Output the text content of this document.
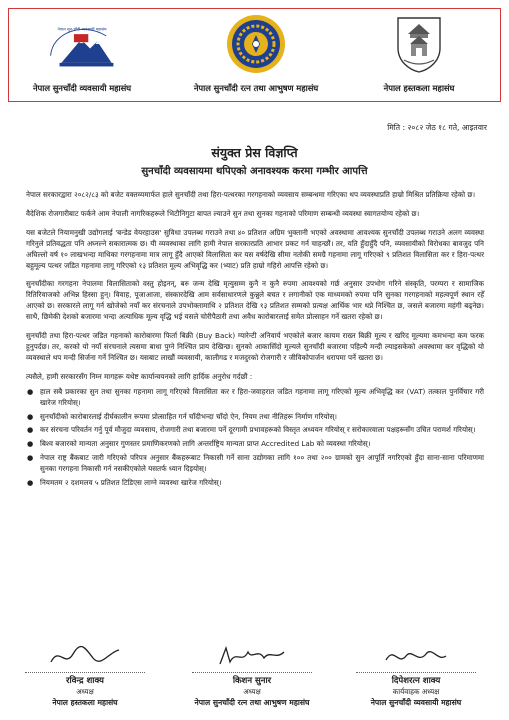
नेपाल सुन-चाँदी व्यवसायी महासंघ
नेपाल सुनचाँदी व्यवसायी महासंघ	नेपाल सुनचाँदी रत्न तथा आभुषण महासंघ	नेपाल हस्तकला महासंघ
मिति : २०८२ जेठ १८ गते, आइतवार
संयुक्त प्रेस विज्ञप्ति
सुनचाँदी व्यवसायमा थपिएको अनावश्यक करमा गम्भीर आपत्ति

नेपाल सरकारद्वारा २०८२/८३ को बजेट वक्तव्यमार्फत हाले सुनचाँदी तथा हिरा-पत्थरका गरगहनाको व्यवसाय सम्बन्धमा गरिएका थप व्यवस्थाप्रति हाम्रो मिश्रित प्रतिक्रिया रहेको छ।

वैदेशिक रोजगारीबाट फर्कने आम नेपाली नागरिकहरूले भिटौनिगुटा बापत ल्याउने सुन तथा सुनका गहनाको परिमाण सम्बन्धी व्यवस्था स्वागतयोग्य रहेको छ।

यस बजेटले नियामनुखी उद्योगलाई 'बन्डेड वेयरहाउस' सुविधा उपलब्ध गराउने तथा ४० प्रतिशत अग्रिम भुक्तानी भएको अवस्थामा आवश्यक सुनचाँदी उपलब्ध गराउने अलग व्यवस्था गरिनुले प्रतिवद्धता पनि अघ्नल्ने सकारात्मक छ। यी व्यवस्थाका लागि हामी नेपाल सरकारप्रति आभार प्रकट गर्न चाहन्छौं। तर, यति हुँदाहुँदै पनि, व्यवसायीको विरोधका बावजुद पनि अघिल्लो वर्ष १० लाखभन्दा माथिका गरगहनामा मात्र लागू हुँदै आएको विलासिता कर यस वर्षदेखि सीमा नतोकी समग्रै गहनामा लागू गरिएको ९ प्रतिशत विलासिता कर र हिरा-पत्थर बहुमूल्य पत्थर जडित गहनामा लागू गरिएको १३ प्रतिशत मूल्य अभिवृद्धि कर (भ्याट) प्रति हाम्रो गहिरो आपत्ति रहेको छ।

सुनचाँदीका गरगहना नेपालमा विलासिताको वस्तु होइनन्, बरु जन्म देखि मृत्युसम्म कुनै न कुनै रुपमा आवश्यको गर्छ अनुसार उपभोग गरिने संस्कृति, परम्परा र सामाजिक रितिरिवाजको अभिन्न हिस्सा हुन्। विवाह, पूजाआजा, संस्कारदेखि आम सर्वसाधारणले कुन्नुले बचत र लगानीको एक माध्यमको रुपमा पनि सुनका गरगहनाको महत्वपूर्ण स्थान रहेँ आएको छ। सरकारले लागू गर्न खोजेको नयाँ कर संरचनाले उपभोक्तामाथि २ प्रतिशत देखि १३ प्रतिशत सम्मको प्रत्यक्ष आर्थिक भार थप्ने निश्चित छ, जसले बजारमा महंगी बढ्नेछ। साथै, छिमेकी देशको बजारमा भन्दा अत्याधिक मूल्य वृद्धि भई यसले चोरीपैठारी तथा अवैध कारोबारलाई समेत प्रोत्साहन गर्ने खतरा रहेको छ।

सुनचाँदी तथा हिरा-पत्थर जडित गहनाको कारोबारमा फिर्ता बिक्री (Buy Back) ग्यारेन्टी अनिवार्य भएकोले बजार कायम राख्न बिक्री मूल्य र खरिद मूल्यमा कमभन्दा कम फरक हुनुपर्दछ। तर, करको यो नयाँ संरचनाले त्यसमा बाधा पुग्ने निश्चित प्राय देखिन्छ। सुनको आकासिँदो मूल्यले सुनचाँदी बजारमा पहिल्यै मन्दी ल्याइसकेको अवस्थामा कर वृद्धिको यो व्यवस्थाले थप मन्दी सिर्जना गर्ने निश्चित छ। यसबाट लाखौं व्यवसायी, कालीगढ र मजदुरको रोजगारी र जीविकोपार्जन धरापमा पर्ने खतरा छ।

त्यसैले, हामी सरकारसँग निम्न मागहरू यथेष्ट कार्यान्वयनको लागि हार्दिक अनुरोध गर्दछौं :

● हाल सबै प्रकारका सुन तथा सुनका गहनामा लागू गरिएको विलासिता कर र हिरा-जवाहरात जडित गहनामा लागू गरिएको मूल्य अभिवृद्धि कर (VAT) तत्काल पुनर्विचार गरी खारेज गरियोस्।
● सुनचाँदीको कारोबारलाई दीर्घकालीन रूपमा प्रोत्साहित गर्न चाँदीभन्दा चाँदो ऐन, नियम तथा नीतिहरू निर्माण गरियोस्।
● कर संरचना परिवर्तन गर्नु पूर्व मौजुदा व्यवसाय, रोजगारी तथा बजारमा पर्ने दूरगामी प्रभावहरूको विस्तृत अध्ययन गरियोस् र सरोकारवाला पक्षहरूसँग उचित परामर्श गरियोस्।
● बिश्व बजारको मान्यता अनुसार गुणस्तर प्रमाणिकरणको लागि अन्तर्राष्ट्रिय मान्यता प्राप्त Accredited Lab को व्यवस्था गरियोस्।
● नेपाल राष्ट्र बैंकबाट जारी गरिएको परिपत्र अनुसार बैंकहरूबाट निकासी गर्ने साना उद्योगका लागि १०० तथा २०० ग्रामको सुन आपूर्ति नगरिएको हुँदा साना-साना परिमाणमा सुनका गरगहना निकासी गर्न नसकीएकोले यसतर्फ ध्यान दिइयोस्।
● नियमतम २ दशमलव ५ प्रतिशत टिडिएस लाग्ने व्यवस्था खारेज गरियोस्।
रविन्द्र शाक्य
अध्यक्ष
नेपाल हस्तकला महासंघ
किशन सुनार
अध्यक्ष
नेपाल सुनचाँदी रत्न तथा आभुषण महासंघ
दिपेशरत्न शाक्य
कार्यवाहक अध्यक्ष
नेपाल सुनचाँदी व्यवसायी महासंघ
